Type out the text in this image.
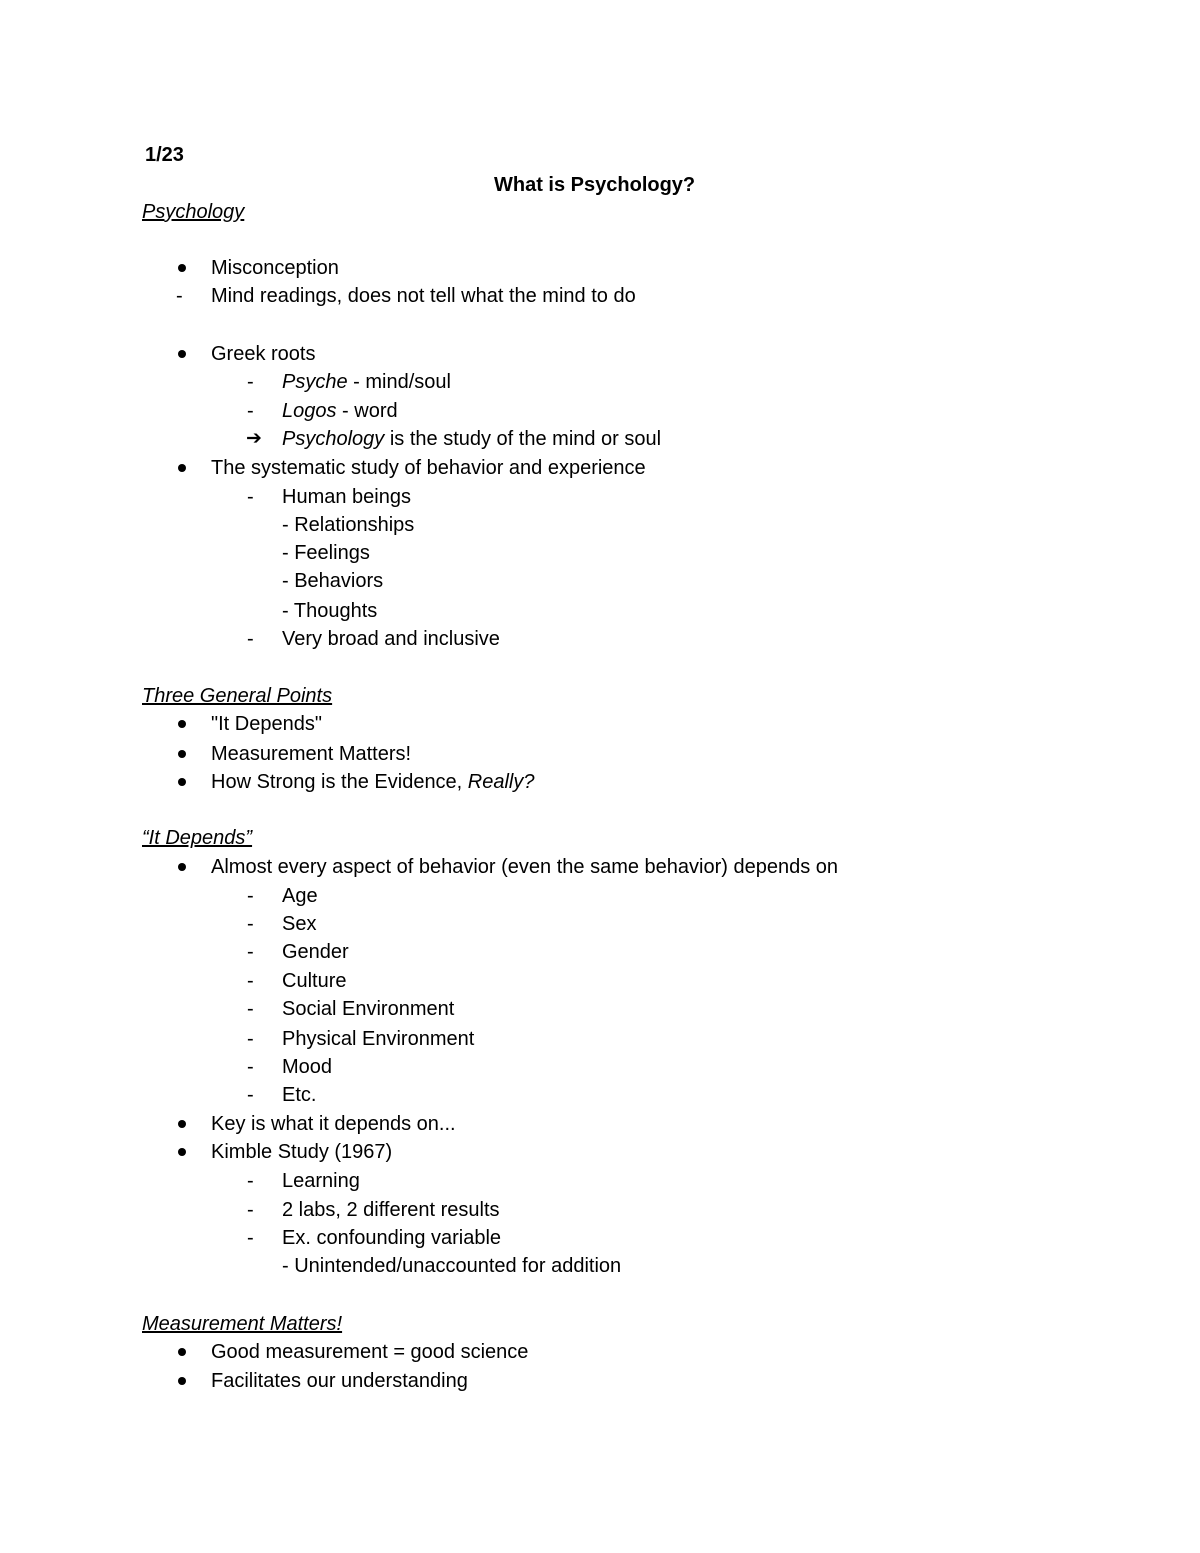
1/23
What is Psychology?
Psychology
Misconception
- Mind readings, does not tell what the mind to do
Greek roots
- Psyche - mind/soul
- Logos - word
➔ Psychology is the study of the mind or soul
The systematic study of behavior and experience
- Human beings
- Relationships
- Feelings
- Behaviors
- Thoughts
- Very broad and inclusive
Three General Points
"It Depends"
Measurement Matters!
How Strong is the Evidence, Really?
“It Depends”
Almost every aspect of behavior (even the same behavior) depends on
- Age
- Sex
- Gender
- Culture
- Social Environment
- Physical Environment
- Mood
- Etc.
Key is what it depends on...
Kimble Study (1967)
- Learning
- 2 labs, 2 different results
- Ex. confounding variable
- Unintended/unaccounted for addition
Measurement Matters!
Good measurement = good science
Facilitates our understanding
